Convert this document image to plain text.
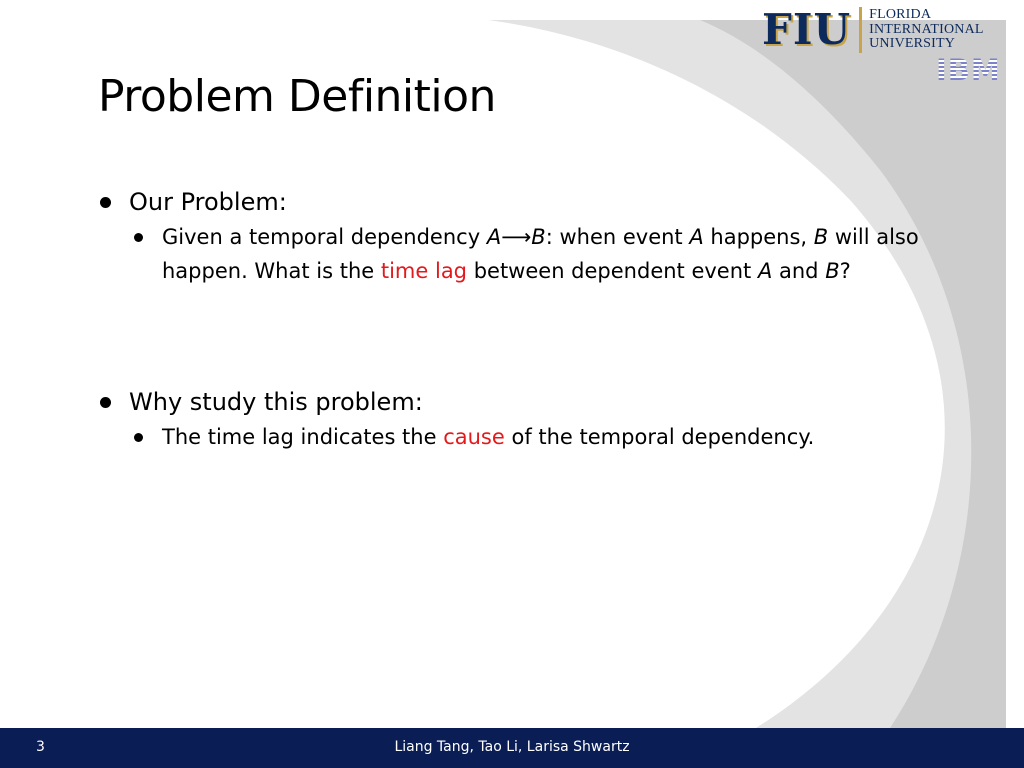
FIU FLORIDA
INTERNATIONAL
UNIVERSITY
IBM
Problem Definition
Our Problem:
Given a temporal dependency A⟶B: when event A happens, B will also happen. What is the time lag between dependent event A and B?
Why study this problem:
The time lag indicates the cause of the temporal dependency.
3	Liang Tang, Tao Li, Larisa Shwartz
